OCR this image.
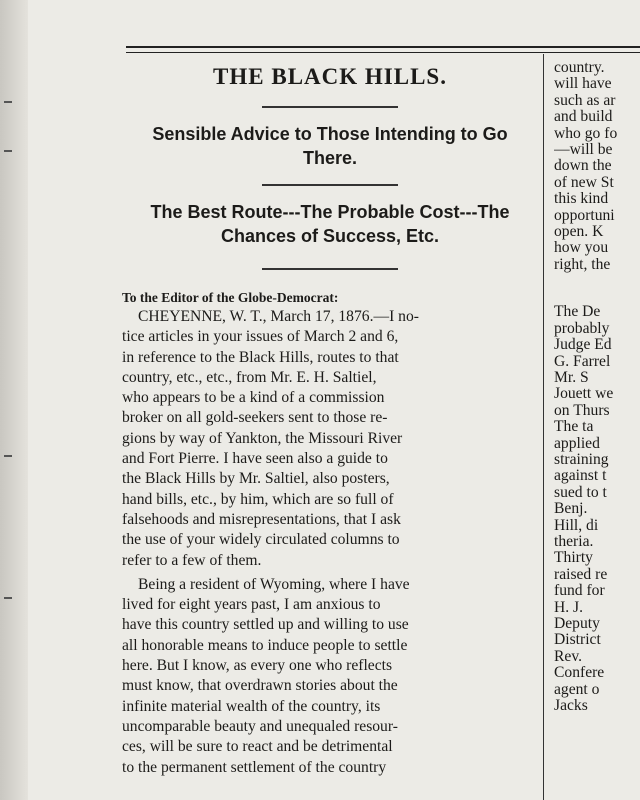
THE BLACK HILLS.

Sensible Advice to Those Intending to Go There.

The Best Route---The Probable Cost---The Chances of Success, Etc.

To the Editor of the Globe-Democrat:

CHEYENNE, W. T., March 17, 1876.—I no-
tice articles in your issues of March 2 and 6,
in reference to the Black Hills, routes to that
country, etc., etc., from Mr. E. H. Saltiel,
who appears to be a kind of a commission
broker on all gold-seekers sent to those re-
gions by way of Yankton, the Missouri River
and Fort Pierre. I have seen also a guide to
the Black Hills by Mr. Saltiel, also posters,
hand bills, etc., by him, which are so full of
falsehoods and misrepresentations, that I ask
the use of your widely circulated columns to
refer to a few of them.

Being a resident of Wyoming, where I have
lived for eight years past, I am anxious to
have this country settled up and willing to use
all honorable means to induce people to settle
here. But I know, as every one who reflects
must know, that overdrawn stories about the
infinite material wealth of the country, its
uncomparable beauty and unequaled resour-
ces, will be sure to react and be detrimental
to the permanent settlement of the country

country.
will have
such as ar
and build
who go fo
—will be
down the
of new St
this kind
opportuni
open. K
how you
right, the
The De
probably
Judge Ed
G. Farrel
Mr. S
Jouett we
on Thurs
The ta
applied
straining
against t
sued to t
Benj.
Hill, di
theria.
Thirty
raised re
fund for
H. J.
Deputy
District
Rev.
Confere
agent o
Jacks
